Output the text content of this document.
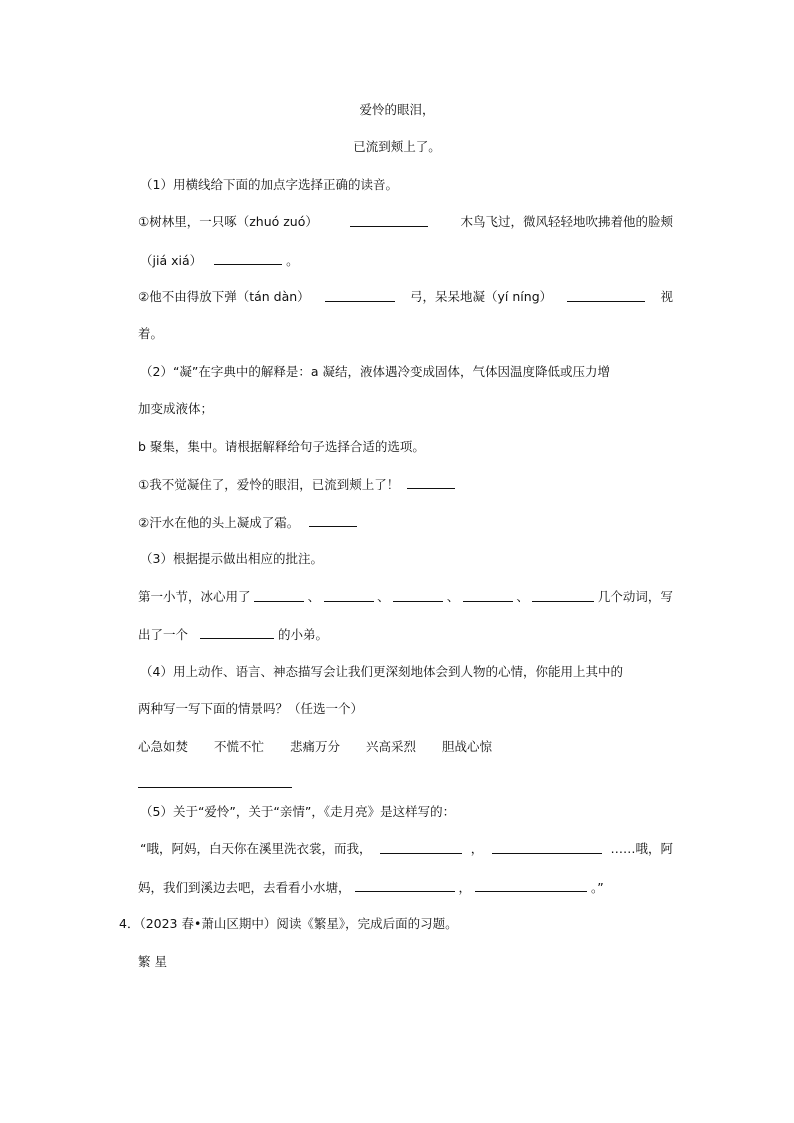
爱怜的眼泪，
已流到颊上了。
（1）用横线给下面的加点字选择正确的读音。
①树林里，一只啄（zhuó zuó）	木鸟飞过，微风轻轻地吹拂着他的脸颊
（jiá xiá）	。
②他不由得放下弹（tán dàn）	弓，呆呆地凝（yí níng）	视
着。
（2）“凝”在字典中的解释是：a 凝结，液体遇冷变成固体，气体因温度降低或压力增
加变成液体；
b 聚集，集中。请根据解释给句子选择合适的选项。
①我不觉凝住了，爱怜的眼泪，已流到颊上了！
②汗水在他的头上凝成了霜。
（3）根据提示做出相应的批注。
第一小节，冰心用了	、	、	、	、	几个动词，写
出了一个	的小弟。
（4）用上动作、语言、神态描写会让我们更深刻地体会到人物的心情，你能用上其中的
两种写一写下面的情景吗？（任选一个）
心急如焚 不慌不忙 悲痛万分 兴高采烈 胆战心惊
（5）关于“爱怜”，关于“亲情”，《走月亮》是这样写的：
“哦，阿妈，白天你在溪里洗衣裳，而我，	，	……哦，阿
妈，我们到溪边去吧，去看看小水塘，	，	。”
4．（2023 春•萧山区期中）阅读《繁星》，完成后面的习题。
繁 星
